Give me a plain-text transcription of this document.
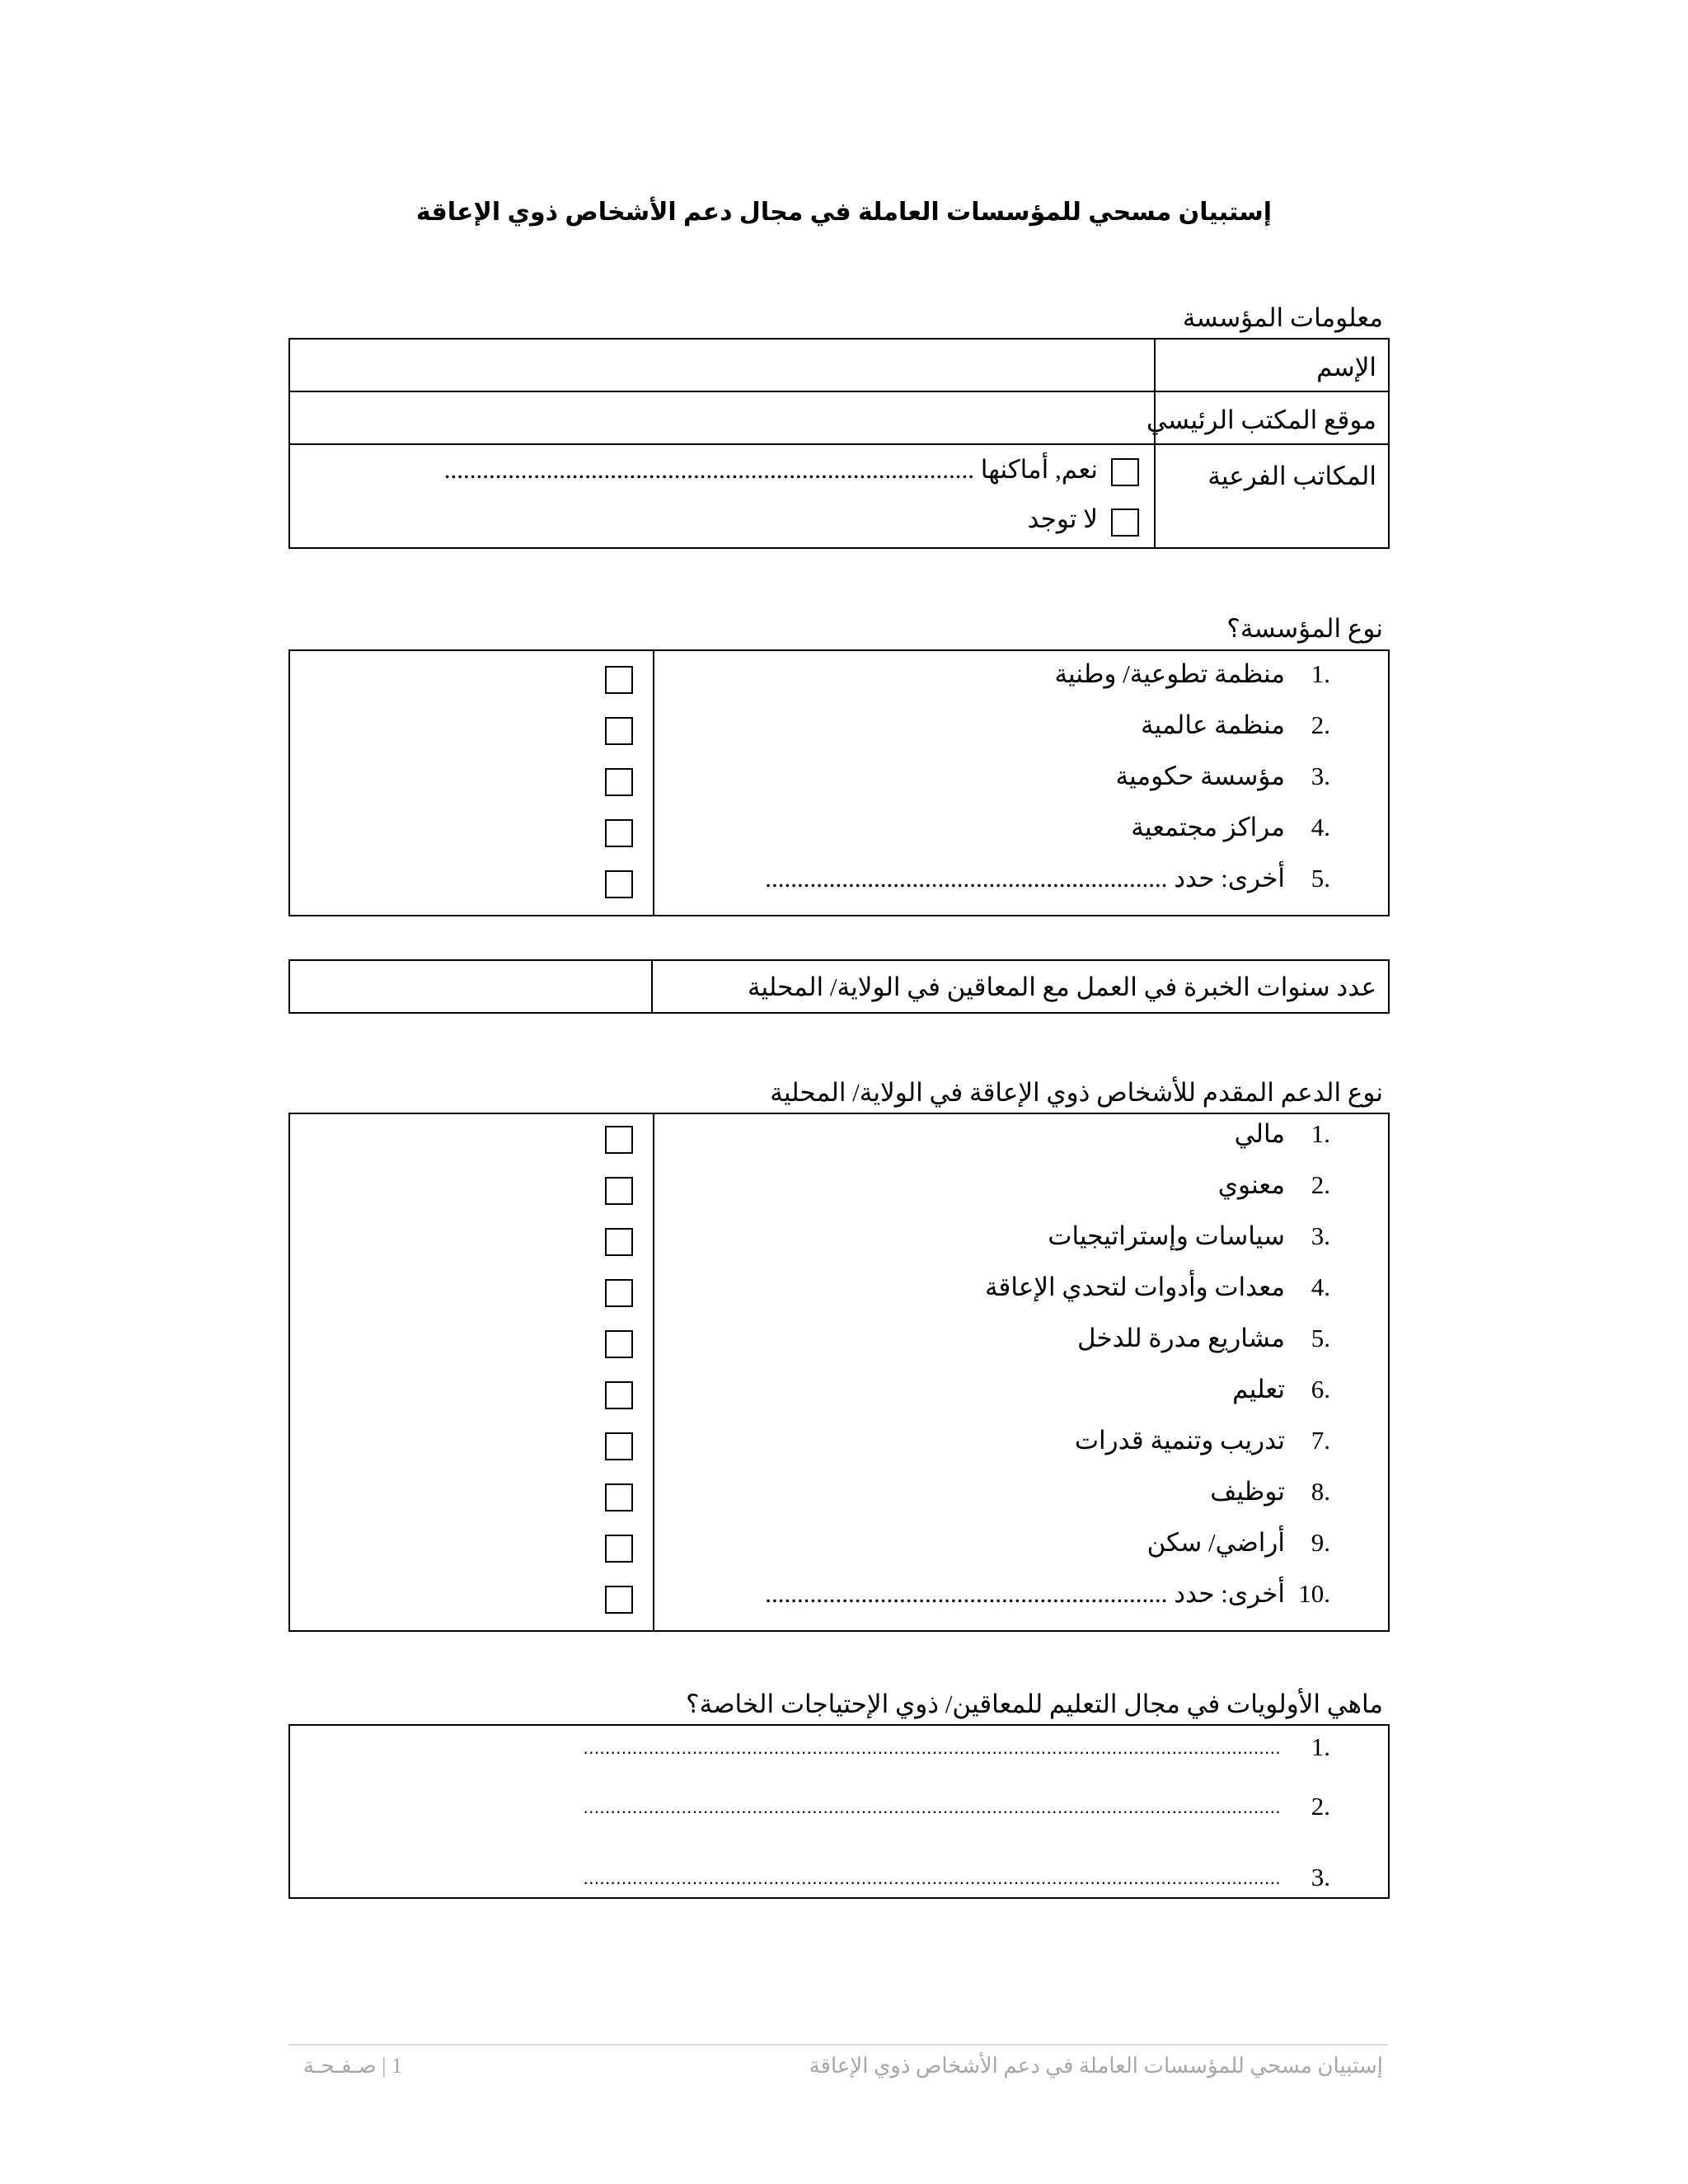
إستبيان مسحي للمؤسسات العاملة في مجال دعم الأشخاص ذوي الإعاقة
معلومات المؤسسة

	الإسم

	موقع المكتب الرئيسي

نعم, أماكنها ...................................................................................
لا توجد	المكاتب الفرعية
نوع المؤسسة؟

1.
منظمة تطوعية/ وطنية
2.
منظمة عالمية
3.
مؤسسة حكومية
4.
مراكز مجتمعية
5.
أخرى: حدد ...............................................................

عدد سنوات الخبرة في العمل مع المعاقين في الولاية/ المحلية
نوع الدعم المقدم للأشخاص ذوي الإعاقة في الولاية/ المحلية

1.
مالي
2.
معنوي
3.
سياسات وإستراتيجيات
4.
معدات وأدوات لتحدي الإعاقة
5.
مشاريع مدرة للدخل
6.
تعليم
7.
تدريب وتنمية قدرات
8.
توظيف
9.
أراضي/ سكن
10.
أخرى: حدد ...............................................................
ماهي الأولويات في مجال التعليم للمعاقين/ ذوي الإحتياجات الخاصة؟
1.
................................................................................................................................
2.
................................................................................................................................
3.
................................................................................................................................
إستبيان مسحي للمؤسسات العاملة في دعم الأشخاص ذوي الإعاقة
1 | صـفـحـة
